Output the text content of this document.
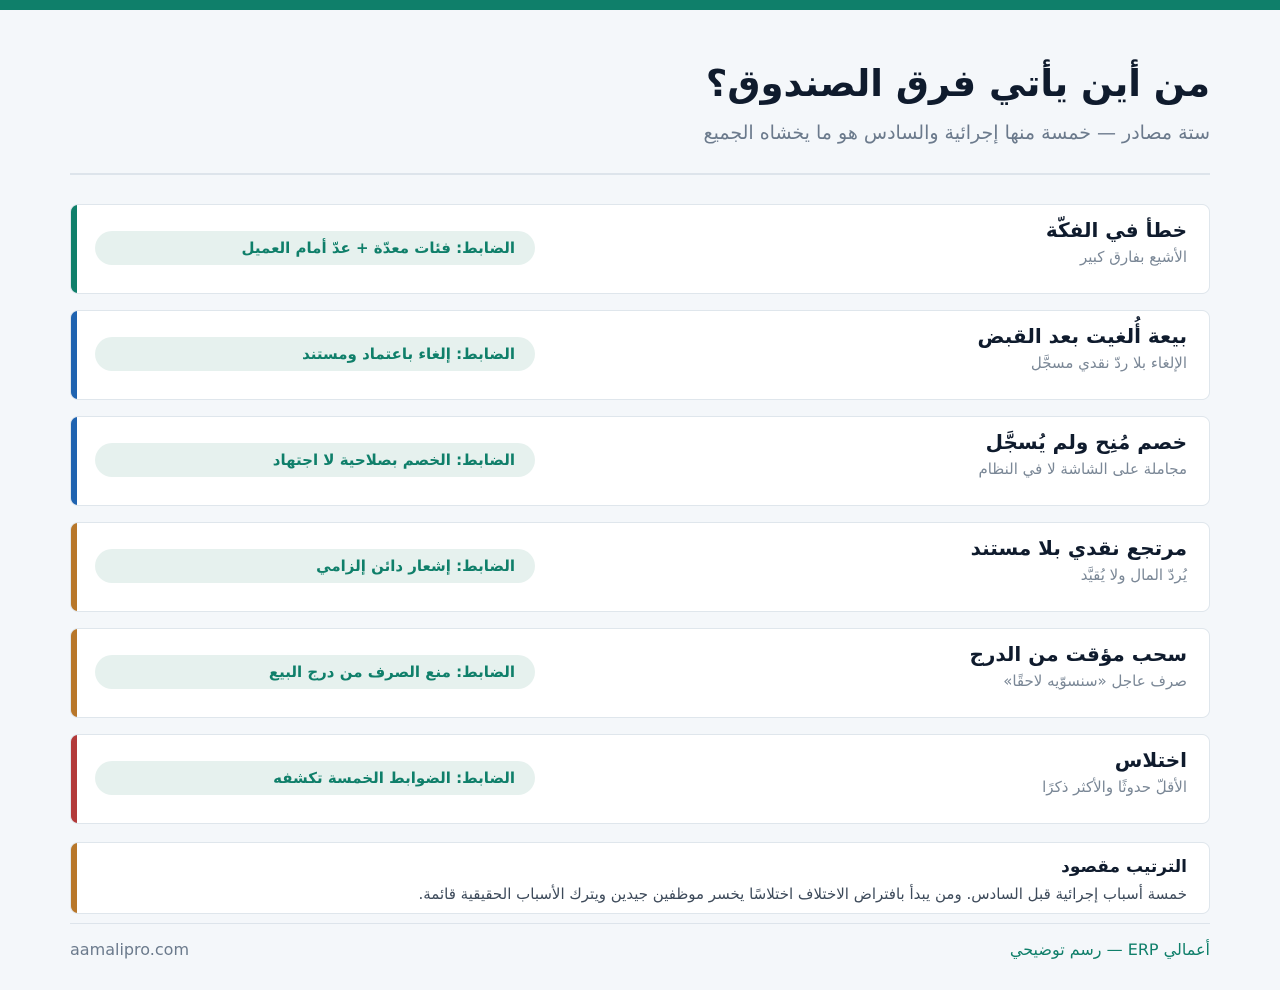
من أين يأتي فرق الصندوق؟

ستة مصادر — خمسة منها إجرائية والسادس هو ما يخشاه الجميع

خطأ في الفكّة
الأشيع بفارق كبير
الضابط: فئات معدّة + عدّ أمام العميل
بيعة أُلغيت بعد القبض
الإلغاء بلا ردّ نقدي مسجَّل
الضابط: إلغاء باعتماد ومستند
خصم مُنِح ولم يُسجَّل
مجاملة على الشاشة لا في النظام
الضابط: الخصم بصلاحية لا اجتهاد
مرتجع نقدي بلا مستند
يُردّ المال ولا يُقيَّد
الضابط: إشعار دائن إلزامي
سحب مؤقت من الدرج
صرف عاجل «سنسوّيه لاحقًا»
الضابط: منع الصرف من درج البيع
اختلاس
الأقلّ حدوثًا والأكثر ذكرًا
الضابط: الضوابط الخمسة تكشفه
الترتيب مقصود
خمسة أسباب إجرائية قبل السادس. ومن يبدأ بافتراض الاختلاف اختلاسًا يخسر موظفين جيدين ويترك الأسباب الحقيقية قائمة.
أعمالي ERP — رسم توضيحي
aamalipro.com
